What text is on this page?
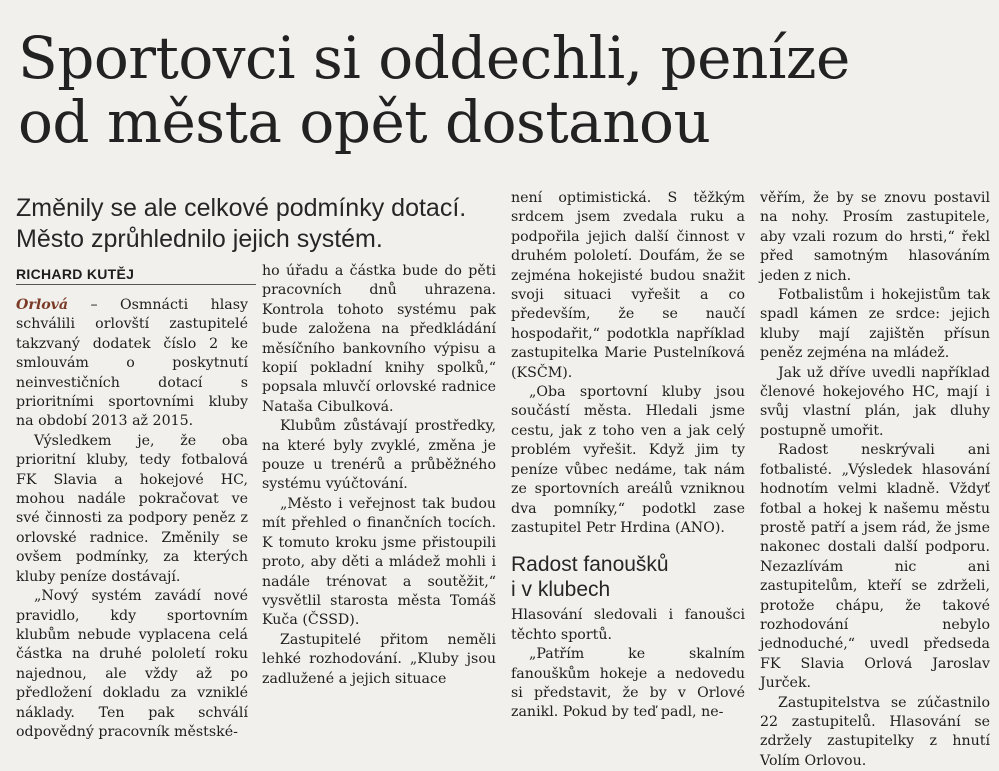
Sportovci si oddechli, peníze
od města opět dostanou
Změnily se ale celkové podmínky dotací.
Město zprůhlednilo jejich systém.
RICHARD KUTĚJ

Orlová – Osmnácti hlasy schválili orlovští zastupitelé takzvaný dodatek číslo 2 ke smlouvám o poskytnutí neinvestičních dotací s prioritními sportovními kluby na období 2013 až 2015.

Výsledkem je, že oba prioritní kluby, tedy fotbalová FK Slavia a hokejové HC, mohou nadále pokračovat ve své činnosti za podpory peněz z orlovské radnice. Změnily se ovšem podmínky, za kterých kluby peníze dostávají.

„Nový systém zavádí nové pravidlo, kdy sportovním klubům nebude vyplacena celá částka na druhé pololetí roku najednou, ale vždy až po předložení dokladu za vzniklé náklady. Ten pak schválí odpovědný pracovník městské-

ho úřadu a částka bude do pěti pracovních dnů uhrazena. Kontrola tohoto systému pak bude založena na předkládání měsíčního bankovního výpisu a kopií pokladní knihy spolků,“ popsala mluvčí orlovské radnice Nataša Cibulková.

Klubům zůstávají prostředky, na které byly zvyklé, změna je pouze u trenérů a průběžného systému vyúčtování.

„Město i veřejnost tak budou mít přehled o finančních tocích. K tomuto kroku jsme přistoupili proto, aby děti a mládež mohli i nadále trénovat a soutěžit,“ vysvětlil starosta města Tomáš Kuča (ČSSD).

Zastupitelé přitom neměli lehké rozhodování. „Kluby jsou zadlužené a jejich situace

není optimistická. S těžkým srdcem jsem zvedala ruku a podpořila jejich další činnost v druhém pololetí. Doufám, že se zejména hokejisté budou snažit svoji situaci vyřešit a co především, že se naučí hospodařit,“ podotkla například zastupitelka Marie Pustelníková (KSČM).

„Oba sportovní kluby jsou součástí města. Hledali jsme cestu, jak z toho ven a jak celý problém vyřešit. Když jim ty peníze vůbec nedáme, tak nám ze sportovních areálů vzniknou dva pomníky,“ podotkl zase zastupitel Petr Hrdina (ANO).

Radost fanoušků
i v klubech

Hlasování sledovali i fanoušci těchto sportů.

„Patřím ke skalním fanouškům hokeje a nedovedu si představit, že by v Orlové zanikl. Pokud by teď padl, ne-

věřím, že by se znovu postavil na nohy. Prosím zastupitele, aby vzali rozum do hrsti,“ řekl před samotným hlasováním jeden z nich.

Fotbalistům i hokejistům tak spadl kámen ze srdce: jejich kluby mají zajištěn přísun peněz zejména na mládež.

Jak už dříve uvedli například členové hokejového HC, mají i svůj vlastní plán, jak dluhy postupně umořit.

Radost neskrývali ani fotbalisté. „Výsledek hlasování hodnotím velmi kladně. Vždyť fotbal a hokej k našemu městu prostě patří a jsem rád, že jsme nakonec dostali další podporu. Nezazlívám nic ani zastupitelům, kteří se zdrželi, protože chápu, že takové rozhodování nebylo jednoduché,“ uvedl předseda FK Slavia Orlová Jaroslav Jurček.

Zastupitelstva se zúčastnilo 22 zastupitelů. Hlasování se zdržely zastupitelky z hnutí Volím Orlovou.
